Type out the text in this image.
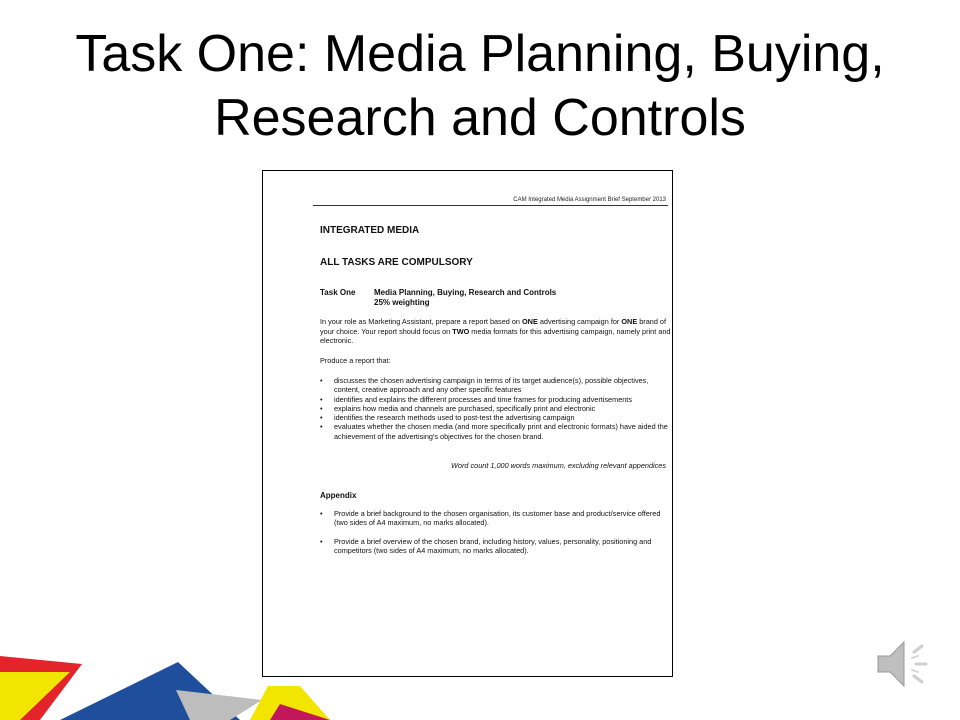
Task One: Media Planning, Buying, Research and Controls
CAM Integrated Media Assignment Brief September 2013
INTEGRATED MEDIA
ALL TASKS ARE COMPULSORY
Task One Media Planning, Buying, Research and Controls
25% weighting
In your role as Marketing Assistant, prepare a report based on ONE advertising campaign for ONE brand of your choice. Your report should focus on TWO media formats for this advertising campaign, namely print and electronic.
Produce a report that:
• discusses the chosen advertising campaign in terms of its target audience(s), possible objectives, content, creative approach and any other specific features
• identifies and explains the different processes and time frames for producing advertisements
• explains how media and channels are purchased, specifically print and electronic
• identifies the research methods used to post-test the advertising campaign
• evaluates whether the chosen media (and more specifically print and electronic formats) have aided the achievement of the advertising's objectives for the chosen brand.
Word count 1,000 words maximum, excluding relevant appendices
Appendix
• Provide a brief background to the chosen organisation, its customer base and product/service offered (two sides of A4 maximum, no marks allocated).
• Provide a brief overview of the chosen brand, including history, values, personality, positioning and competitors (two sides of A4 maximum, no marks allocated).
